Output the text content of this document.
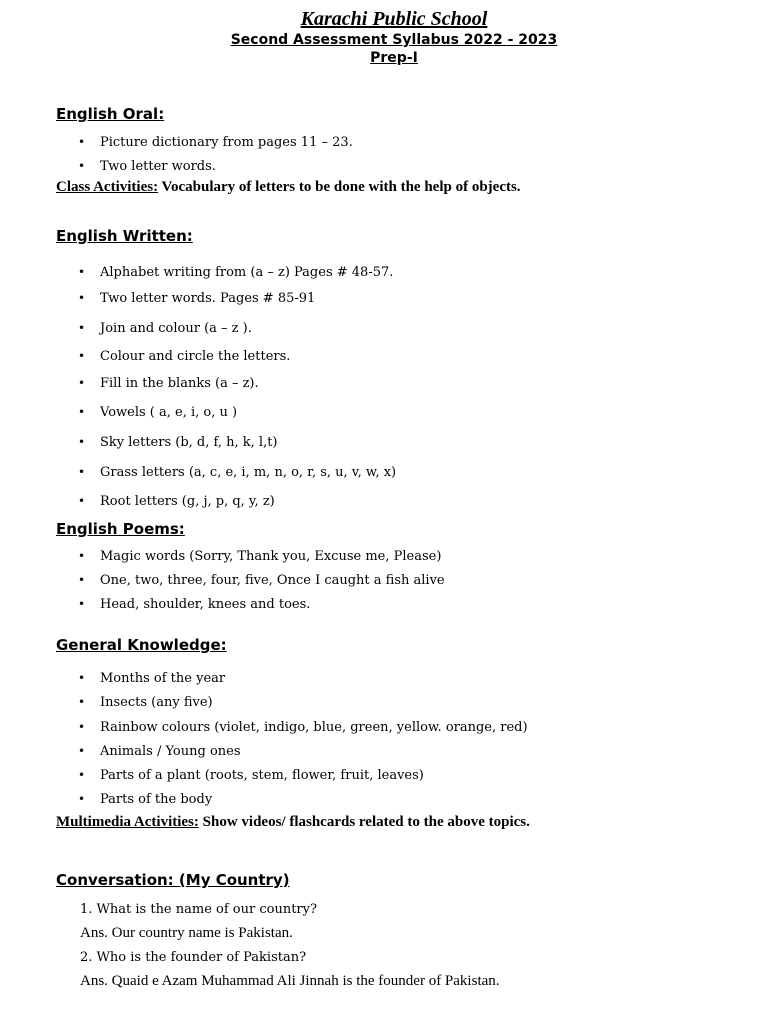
Karachi Public School
Second Assessment Syllabus 2022 - 2023
Prep-I
English Oral:
• Picture dictionary from pages 11 – 23.
• Two letter words.
Class Activities: Vocabulary of letters to be done with the help of objects.
English Written:
• Alphabet writing from (a – z) Pages # 48-57.
• Two letter words. Pages # 85-91
• Join and colour (a – z ).
• Colour and circle the letters.
• Fill in the blanks (a – z).
• Vowels ( a, e, i, o, u )
• Sky letters (b, d, f, h, k, l,t)
• Grass letters (a, c, e, i, m, n, o, r, s, u, v, w, x)
• Root letters (g, j, p, q, y, z)
English Poems:
• Magic words (Sorry, Thank you, Excuse me, Please)
• One, two, three, four, five, Once I caught a fish alive
• Head, shoulder, knees and toes.
General Knowledge:
• Months of the year
• Insects (any five)
• Rainbow colours (violet, indigo, blue, green, yellow. orange, red)
• Animals / Young ones
• Parts of a plant (roots, stem, flower, fruit, leaves)
• Parts of the body
Multimedia Activities: Show videos/ flashcards related to the above topics.
Conversation: (My Country)
1. What is the name of our country?
Ans. Our country name is Pakistan.
2. Who is the founder of Pakistan?
Ans. Quaid e Azam Muhammad Ali Jinnah is the founder of Pakistan.
